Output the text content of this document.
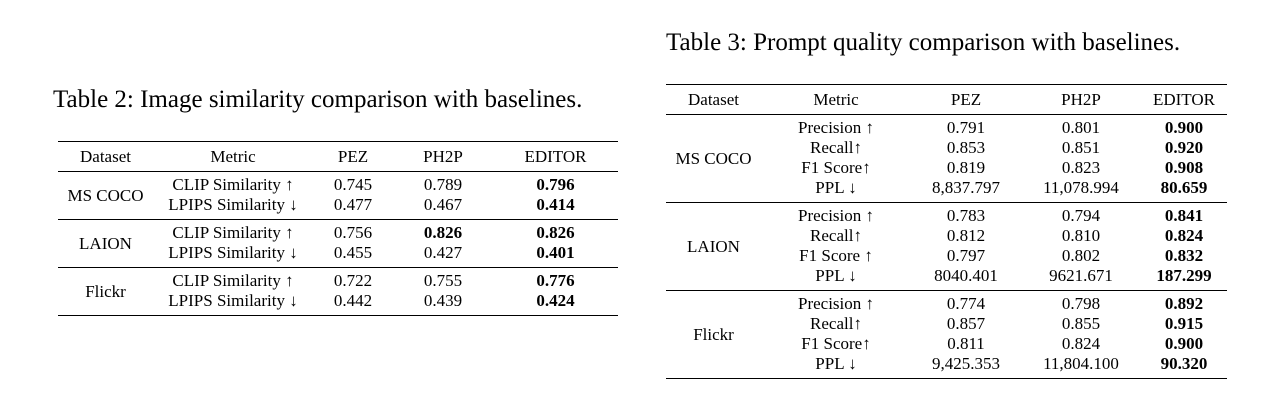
Table 2: Image similarity comparison with baselines.
Dataset	Metric	PEZ	PH2P	EDITOR
MS COCO	CLIP Similarity ↑	0.745	0.789	0.796
	LPIPS Similarity ↓	0.477	0.467	0.414
LAION	CLIP Similarity ↑	0.756	0.826	0.826
	LPIPS Similarity ↓	0.455	0.427	0.401
Flickr	CLIP Similarity ↑	0.722	0.755	0.776
	LPIPS Similarity ↓	0.442	0.439	0.424
Table 3: Prompt quality comparison with baselines.
Dataset	Metric	PEZ	PH2P	EDITOR
MS COCO	Precision ↑	0.791	0.801	0.900
	Recall↑	0.853	0.851	0.920
	F1 Score↑	0.819	0.823	0.908
	PPL ↓	8,837.797	11,078.994	80.659
LAION	Precision ↑	0.783	0.794	0.841
	Recall↑	0.812	0.810	0.824
	F1 Score ↑	0.797	0.802	0.832
	PPL ↓	8040.401	9621.671	187.299
Flickr	Precision ↑	0.774	0.798	0.892
	Recall↑	0.857	0.855	0.915
	F1 Score↑	0.811	0.824	0.900
	PPL ↓	9,425.353	11,804.100	90.320
